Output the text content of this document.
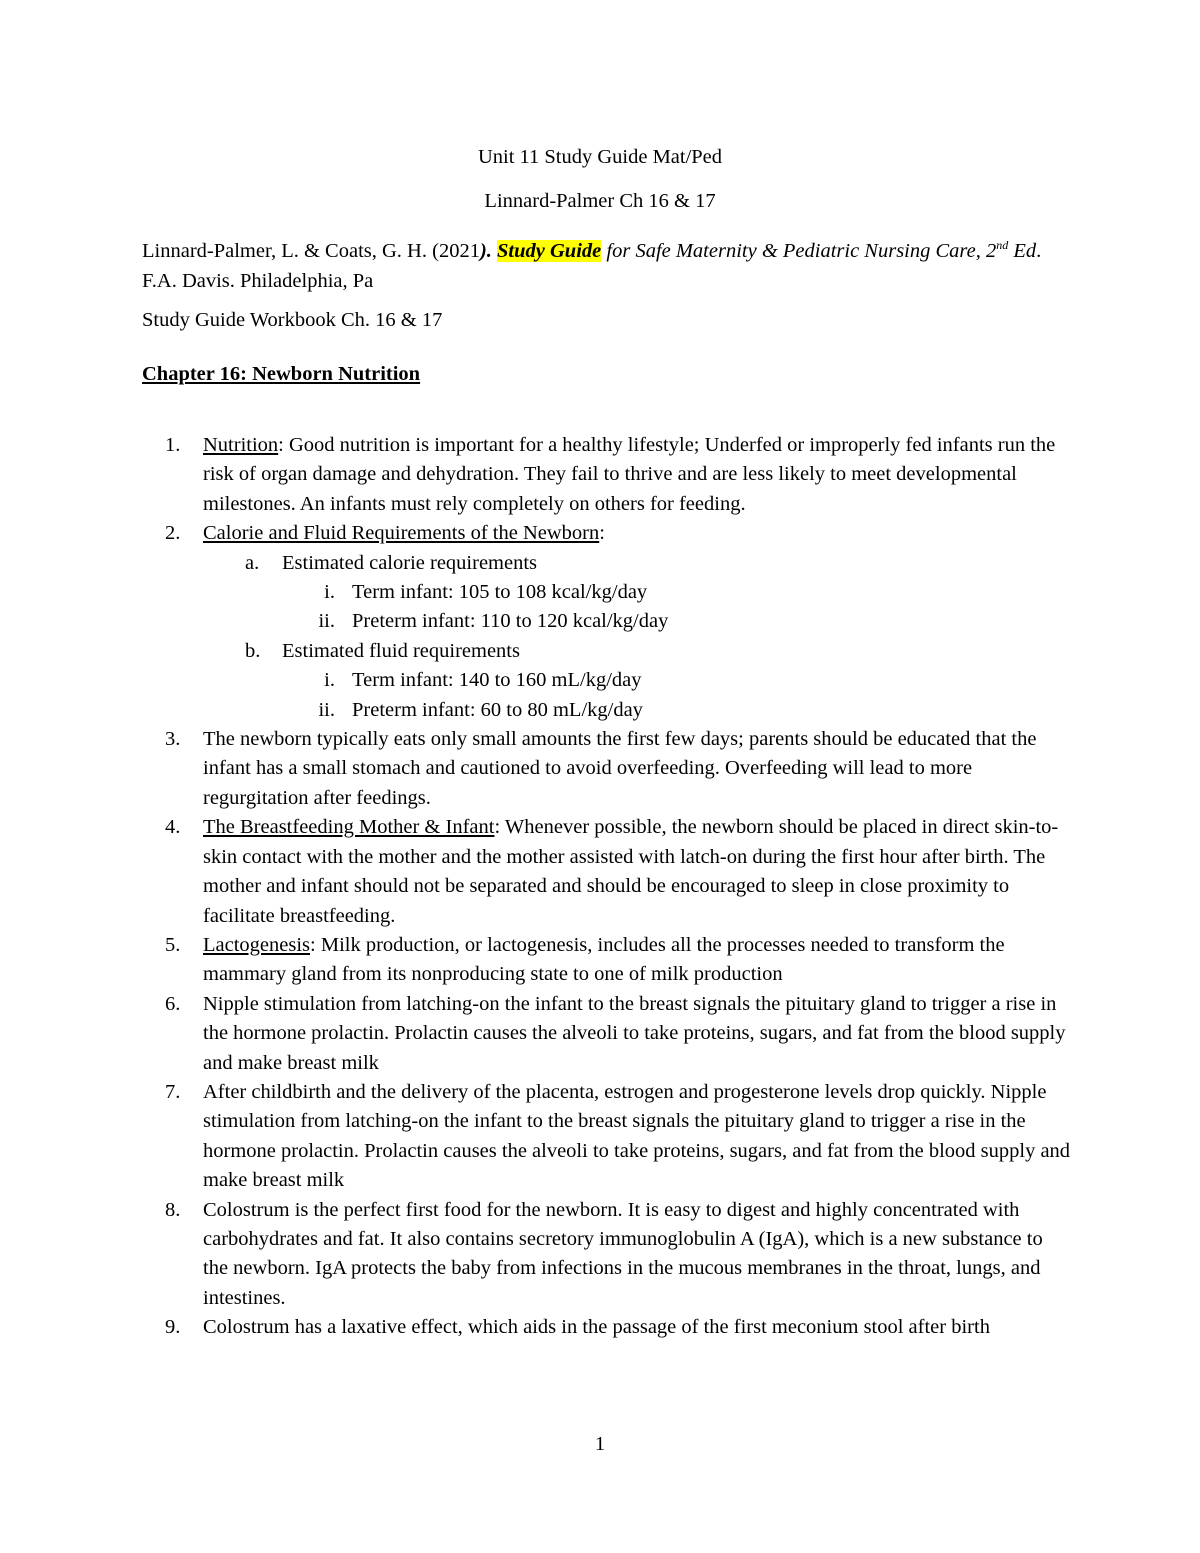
Unit 11 Study Guide Mat/Ped
Linnard-Palmer Ch 16 & 17
Linnard-Palmer, L. & Coats, G. H. (2021). Study Guide for Safe Maternity & Pediatric Nursing Care, 2nd Ed. F.A. Davis. Philadelphia, Pa
Study Guide Workbook Ch. 16 & 17
Chapter 16: Newborn Nutrition
1. Nutrition: Good nutrition is important for a healthy lifestyle; Underfed or improperly fed infants run the risk of organ damage and dehydration. They fail to thrive and are less likely to meet developmental milestones. An infants must rely completely on others for feeding.
2. Calorie and Fluid Requirements of the Newborn:
a. Estimated calorie requirements
i. Term infant: 105 to 108 kcal/kg/day
ii. Preterm infant: 110 to 120 kcal/kg/day
b. Estimated fluid requirements
i. Term infant: 140 to 160 mL/kg/day
ii. Preterm infant: 60 to 80 mL/kg/day
3. The newborn typically eats only small amounts the first few days; parents should be educated that the infant has a small stomach and cautioned to avoid overfeeding. Overfeeding will lead to more regurgitation after feedings.
4. The Breastfeeding Mother & Infant: Whenever possible, the newborn should be placed in direct skin-to-skin contact with the mother and the mother assisted with latch-on during the first hour after birth. The mother and infant should not be separated and should be encouraged to sleep in close proximity to facilitate breastfeeding.
5. Lactogenesis: Milk production, or lactogenesis, includes all the processes needed to transform the mammary gland from its nonproducing state to one of milk production
6. Nipple stimulation from latching-on the infant to the breast signals the pituitary gland to trigger a rise in the hormone prolactin. Prolactin causes the alveoli to take proteins, sugars, and fat from the blood supply and make breast milk
7. After childbirth and the delivery of the placenta, estrogen and progesterone levels drop quickly. Nipple stimulation from latching-on the infant to the breast signals the pituitary gland to trigger a rise in the hormone prolactin. Prolactin causes the alveoli to take proteins, sugars, and fat from the blood supply and make breast milk
8. Colostrum is the perfect first food for the newborn. It is easy to digest and highly concentrated with carbohydrates and fat. It also contains secretory immunoglobulin A (IgA), which is a new substance to the newborn. IgA protects the baby from infections in the mucous membranes in the throat, lungs, and intestines.
9. Colostrum has a laxative effect, which aids in the passage of the first meconium stool after birth
1
